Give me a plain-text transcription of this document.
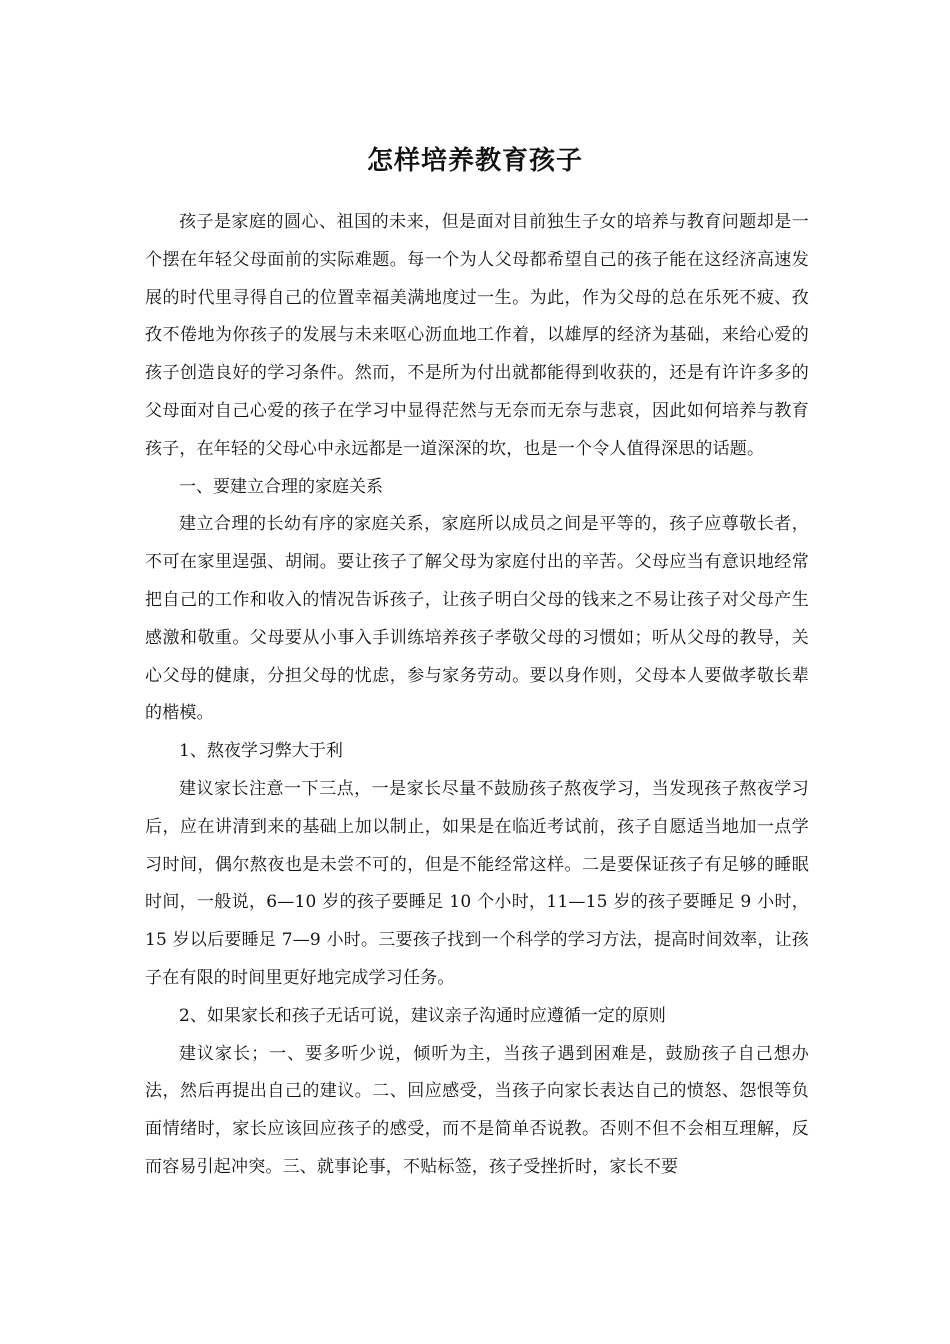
怎样培养教育孩子

孩子是家庭的圆心、祖国的未来，但是面对目前独生子女的培养与教育问题却是一个摆在年轻父母面前的实际难题。每一个为人父母都希望自己的孩子能在这经济高速发展的时代里寻得自己的位置幸福美满地度过一生。为此，作为父母的总在乐死不疲、孜孜不倦地为你孩子的发展与未来呕心沥血地工作着，以雄厚的经济为基础，来给心爱的孩子创造良好的学习条件。然而，不是所为付出就都能得到收获的，还是有许许多多的父母面对自己心爱的孩子在学习中显得茫然与无奈而无奈与悲哀，因此如何培养与教育孩子，在年轻的父母心中永远都是一道深深的坎，也是一个令人值得深思的话题。

一、要建立合理的家庭关系

建立合理的长幼有序的家庭关系，家庭所以成员之间是平等的，孩子应尊敬长者，不可在家里逞强、胡闹。要让孩子了解父母为家庭付出的辛苦。父母应当有意识地经常把自己的工作和收入的情况告诉孩子，让孩子明白父母的钱来之不易让孩子对父母产生感激和敬重。父母要从小事入手训练培养孩子孝敬父母的习惯如；听从父母的教导，关心父母的健康，分担父母的忧虑，参与家务劳动。要以身作则，父母本人要做孝敬长辈的楷模。

1、熬夜学习弊大于利

建议家长注意一下三点，一是家长尽量不鼓励孩子熬夜学习，当发现孩子熬夜学习后，应在讲清到来的基础上加以制止，如果是在临近考试前，孩子自愿适当地加一点学习时间，偶尔熬夜也是未尝不可的，但是不能经常这样。二是要保证孩子有足够的睡眠时间，一般说，6—10 岁的孩子要睡足 10 个小时，11—15 岁的孩子要睡足 9 小时，15 岁以后要睡足 7—9 小时。三要孩子找到一个科学的学习方法，提高时间效率，让孩子在有限的时间里更好地完成学习任务。

2、如果家长和孩子无话可说，建议亲子沟通时应遵循一定的原则

建议家长；一、要多听少说，倾听为主，当孩子遇到困难是，鼓励孩子自己想办法，然后再提出自己的建议。二、回应感受，当孩子向家长表达自己的愤怒、怨恨等负面情绪时，家长应该回应孩子的感受，而不是简单否说教。否则不但不会相互理解，反而容易引起冲突。三、就事论事，不贴标签，孩子受挫折时，家长不要
